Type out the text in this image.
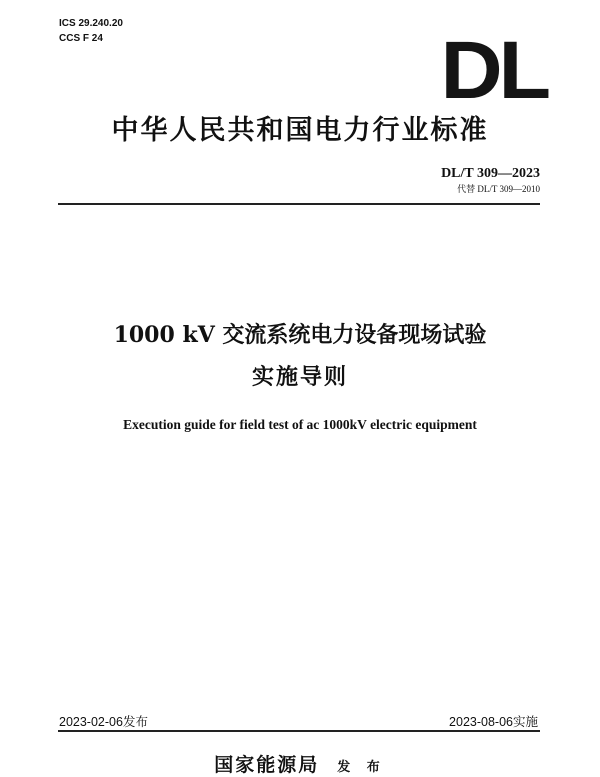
ICS 29.240.20
CCS F 24	DL
中华人民共和国电力行业标准
DL/T 309—2023
代替 DL/T 309—2010
1000 kV 交流系统电力设备现场试验
实施导则
Execution guide for field test of ac 1000kV electric equipment
2023-02-06发布	2023-08-06实施
国家能源局 发 布
